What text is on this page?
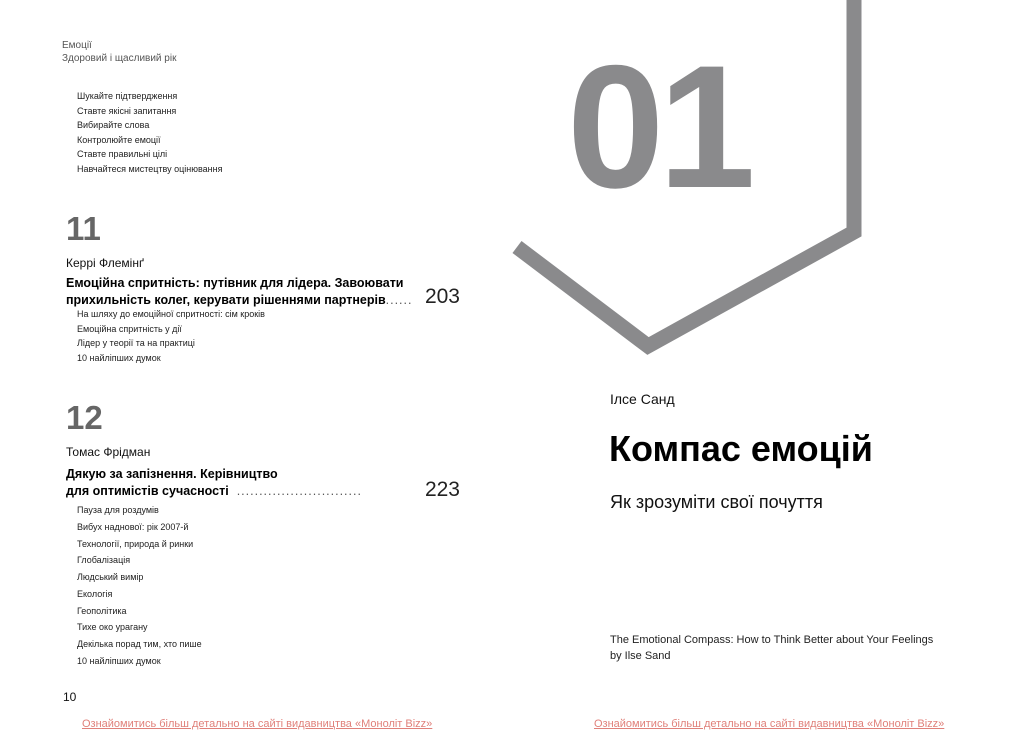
Емоції
Здоровий і щасливий рік
Шукайте підтвердження
Ставте якісні запитання
Вибирайте слова
Контролюйте емоції
Ставте правильні цілі
Навчайтеся мистецтву оцінювання
11
Керрі Флемінґ
Емоційна спритність: путівник для лідера. Завоювати
прихильність колег, керувати рішеннями партнерів...... 203
На шляху до емоційної спритності: сім кроків
Емоційна спритність у дії
Лідер у теорії та на практиці
10 найліпших думок
12
Томас Фрідман
Дякую за запізнення. Керівництво
для оптимістів сучасності ............................	223
Пауза для роздумів
Вибух наднової: рік 2007-й
Технології, природа й ринки
Глобалізація
Людський вимір
Екологія
Геополітика
Тихе око урагану
Декілька порад тим, хто пише
10 найліпших думок
10
Ознайомитись більш детально на сайті видавництва «Моноліт Bizz»
01
Ілсе Санд
Компас емоцій
Як зрозуміти свої почуття
The Emotional Compass: How to Think Better about Your Feelings
by Ilse Sand
Ознайомитись більш детально на сайті видавництва «Моноліт Bizz»
